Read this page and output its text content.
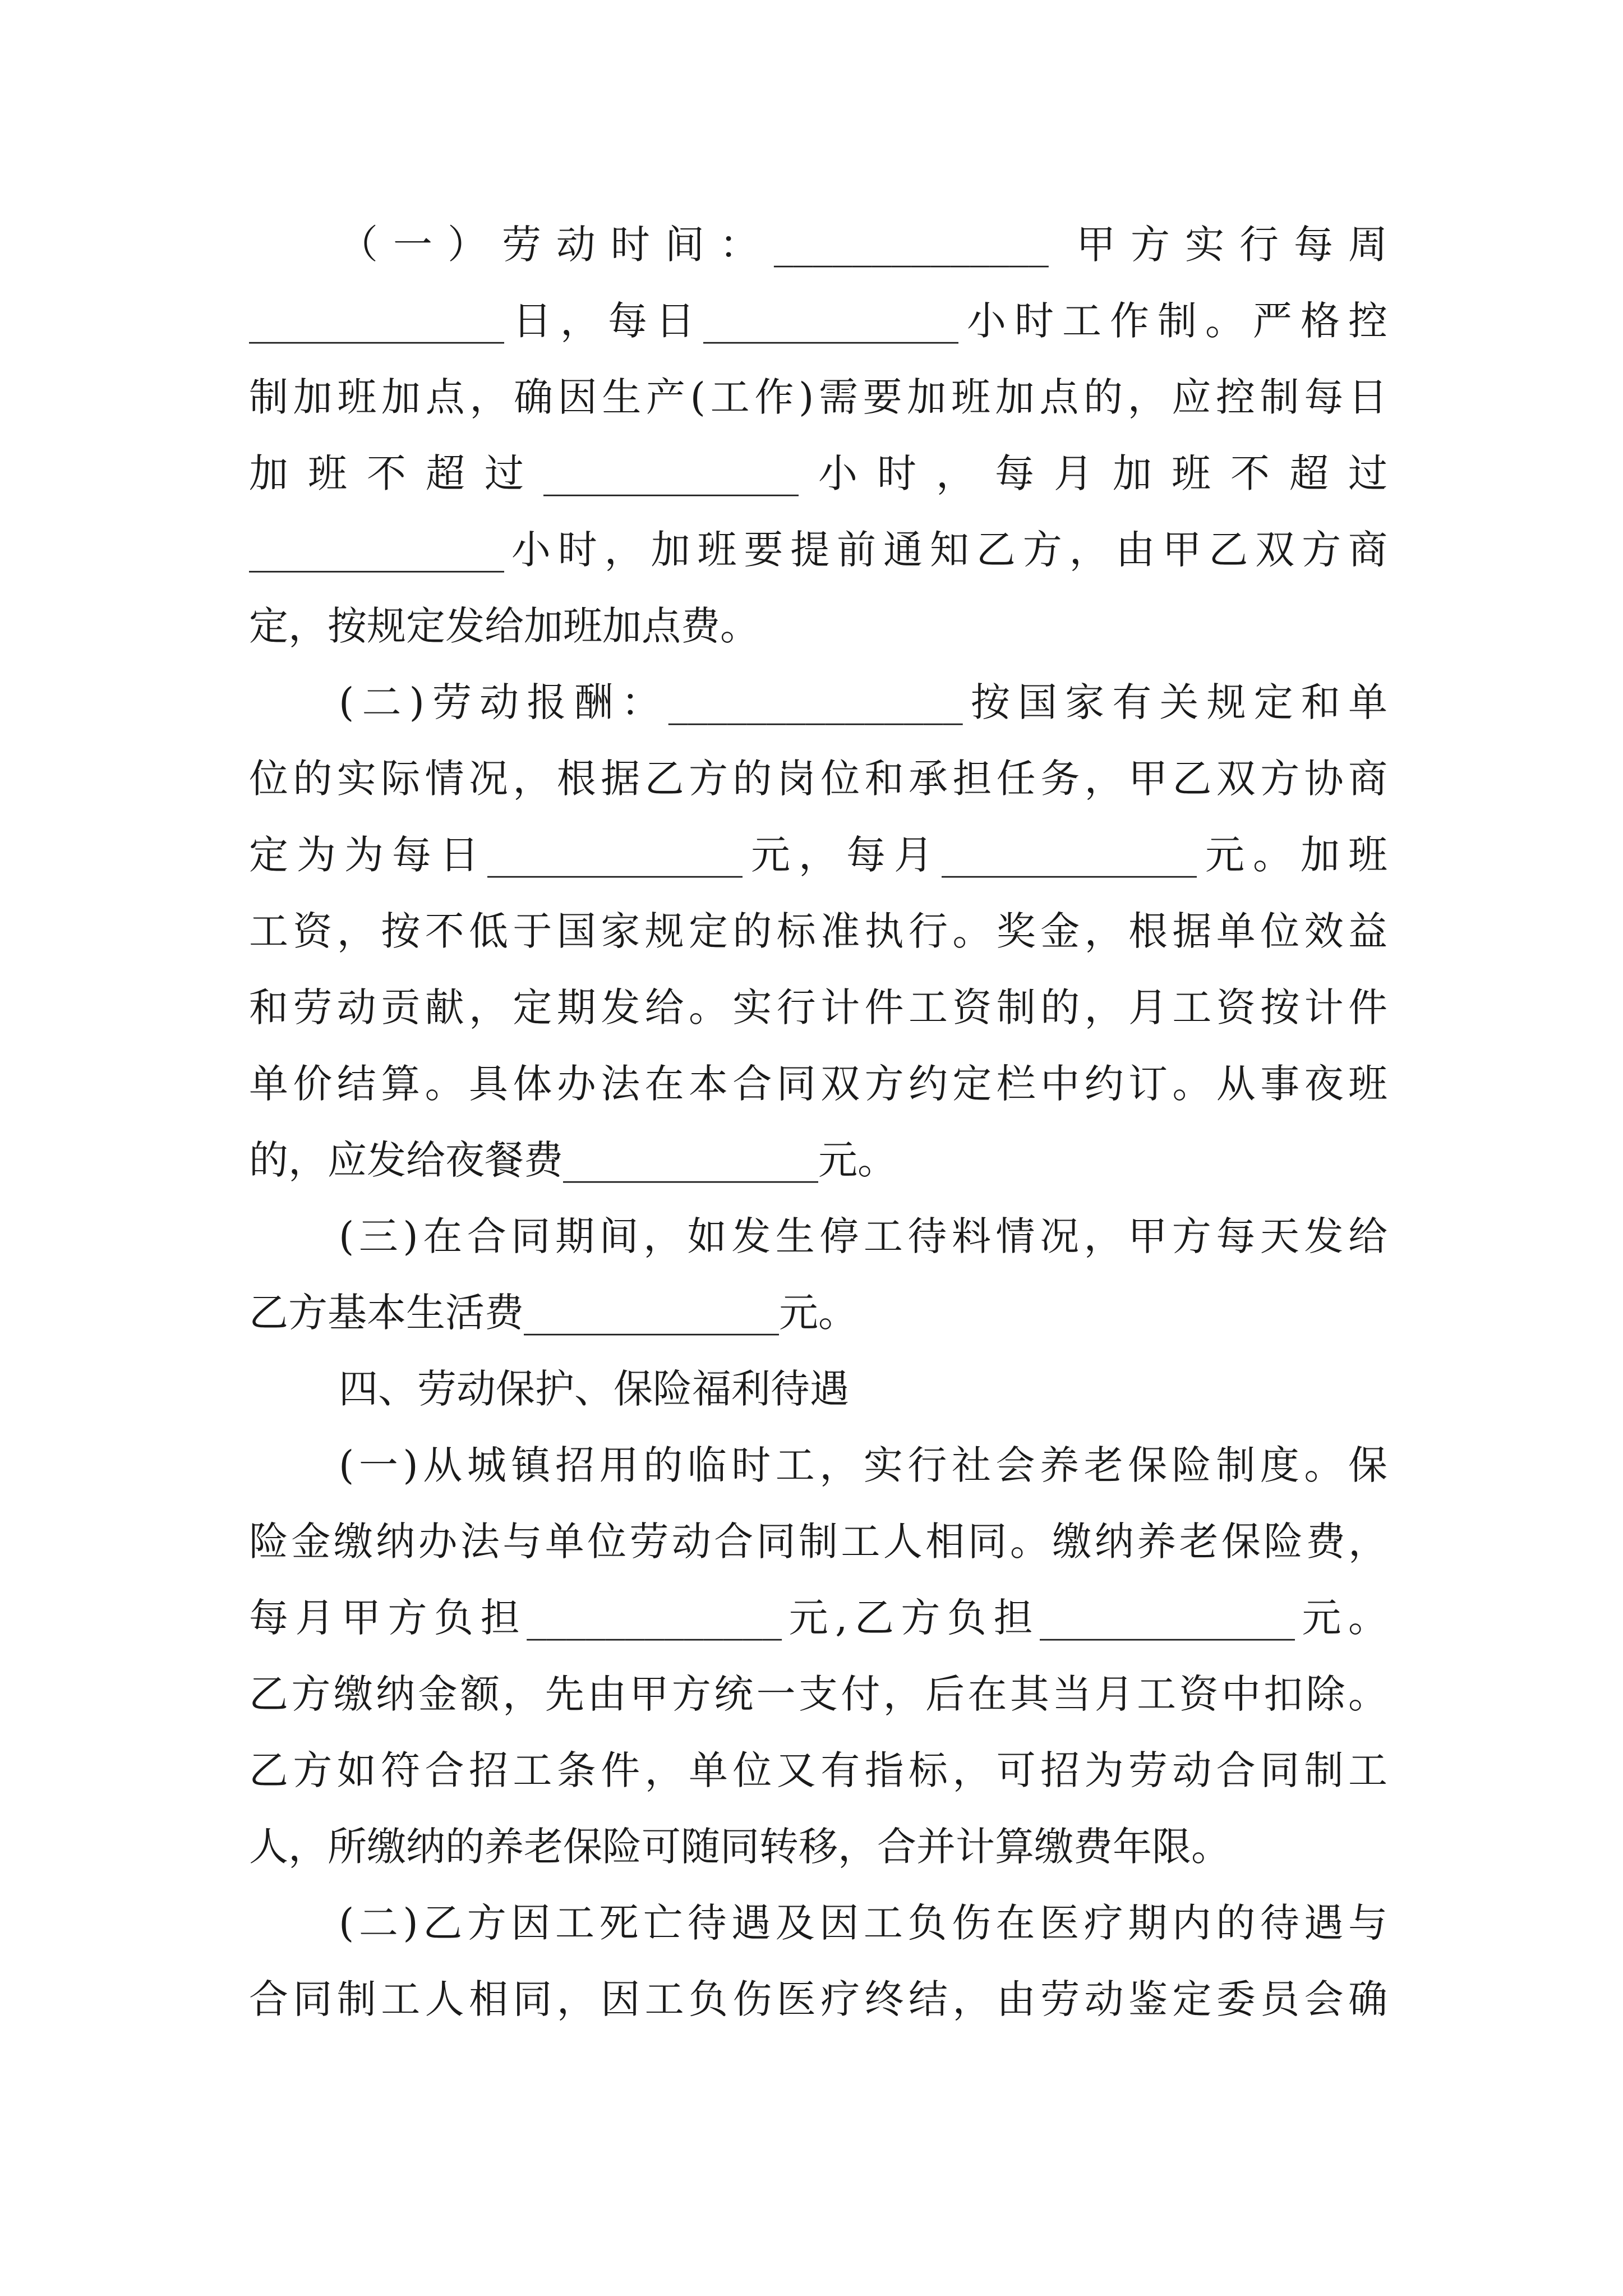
（一）劳动时间：______________ 甲方实行每周
_____________日，每日_____________小时工作制。严格控
制加班加点，确因生产(工作)需要加班加点的，应控制每日
加班不超过_____________小时，每月加班不超过
_____________小时，加班要提前通知乙方，由甲乙双方商
定，按规定发给加班加点费。
(二)劳动报酬：_______________按国家有关规定和单
位的实际情况，根据乙方的岗位和承担任务，甲乙双方协商
定为为每日_____________元，每月_____________元。加班
工资，按不低于国家规定的标准执行。奖金，根据单位效益
和劳动贡献，定期发给。实行计件工资制的，月工资按计件
单价结算。具体办法在本合同双方约定栏中约订。从事夜班
的，应发给夜餐费_____________元。
(三)在合同期间，如发生停工待料情况，甲方每天发给
乙方基本生活费_____________元。
四、劳动保护、保险福利待遇
(一)从城镇招用的临时工，实行社会养老保险制度。保
险金缴纳办法与单位劳动合同制工人相同。缴纳养老保险费，
每月甲方负担_____________元,乙方负担_____________元。
乙方缴纳金额，先由甲方统一支付，后在其当月工资中扣除。
乙方如符合招工条件，单位又有指标，可招为劳动合同制工
人，所缴纳的养老保险可随同转移，合并计算缴费年限。
(二)乙方因工死亡待遇及因工负伤在医疗期内的待遇与
合同制工人相同，因工负伤医疗终结，由劳动鉴定委员会确
